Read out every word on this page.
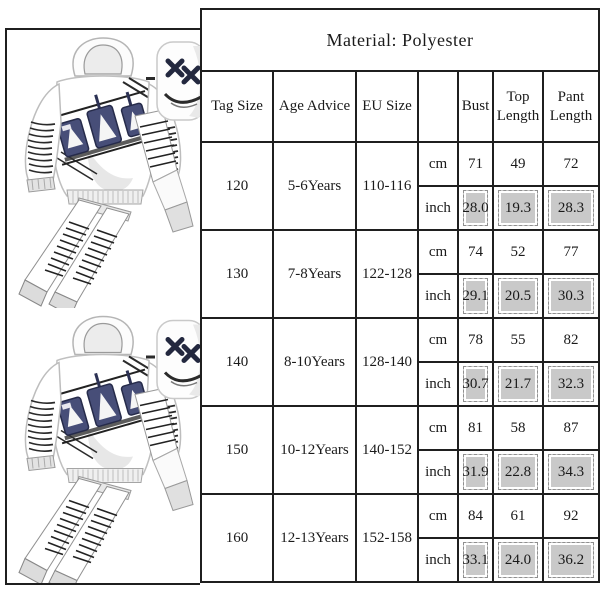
Material: Polyester						
Tag Size	Age Advice	EU Size		Bust	Top Length	Pant Length
120	5-6Years	110-116	cm	71	49	72
			inch	28.0	19.3	28.3

130	7-8Years	122-128	cm	74	52	77
			inch	29.1	20.5	30.3

140	8-10Years	128-140	cm	78	55	82
			inch	30.7	21.7	32.3

150	10-12Years	140-152	cm	81	58	87
			inch	31.9	22.8	34.3

160	12-13Years	152-158	cm	84	61	92
			inch	33.1	24.0	36.2
